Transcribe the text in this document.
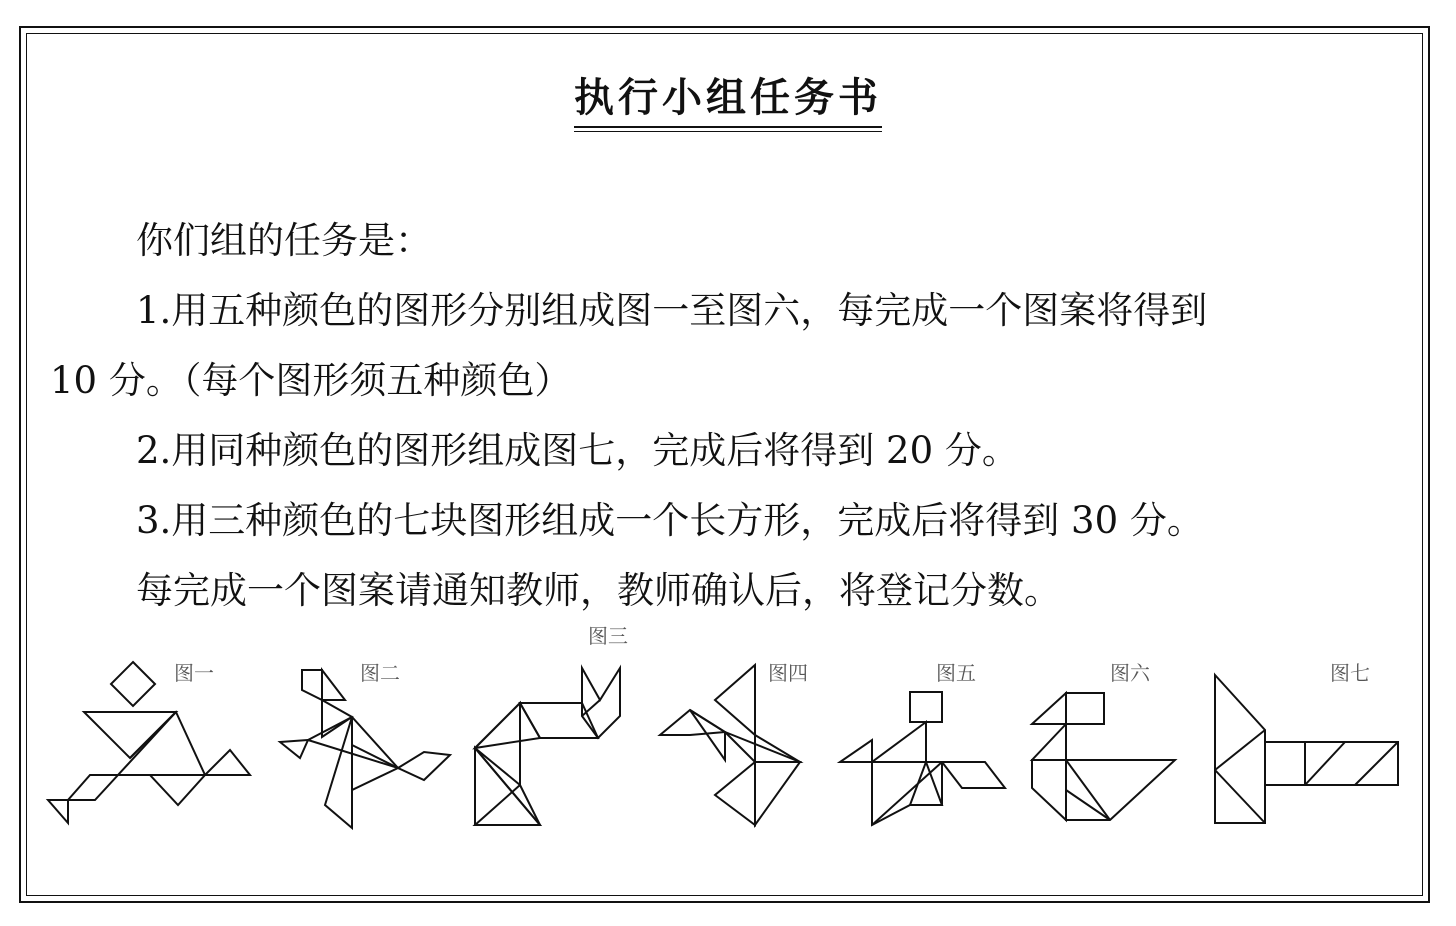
执行小组任务书
你们组的任务是：
1.用五种颜色的图形分别组成图一至图六，每完成一个图案将得到
10 分。（每个图形须五种颜色）
2.用同种颜色的图形组成图七，完成后将得到 20 分。
3.用三种颜色的七块图形组成一个长方形，完成后将得到 30 分。
每完成一个图案请通知教师，教师确认后，将登记分数。
图一	图二
图三
图四	图五	图六	图七
